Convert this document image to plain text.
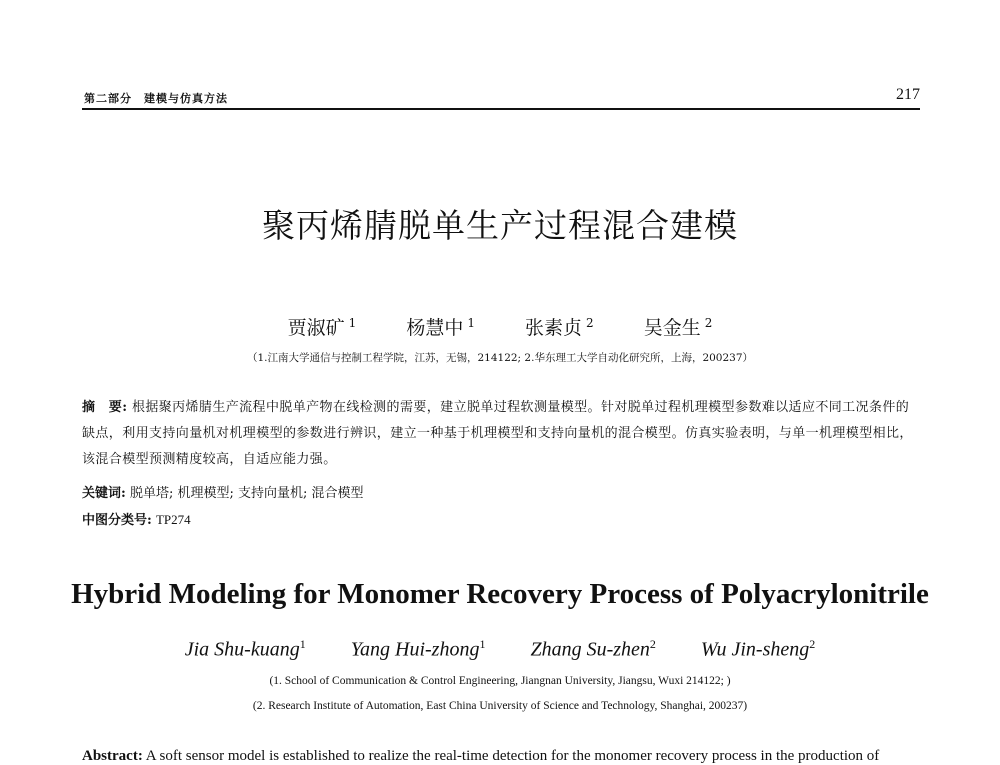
第二部分　建模与仿真方法	217
聚丙烯腈脱单生产过程混合建模
贾淑矿 $^1$	杨慧中 $^1$	张素贞 $^2$	吴金生 $^2$
（1.江南大学通信与控制工程学院，江苏，无锡，214122; 2.华东理工大学自动化研究所，上海，200237）
摘　要: 根据聚丙烯腈生产流程中脱单产物在线检测的需要，建立脱单过程软测量模型。针对脱单过程机理模型参数难以适应不同工况条件的缺点，利用支持向量机对机理模型的参数进行辨识，建立一种基于机理模型和支持向量机的混合模型。仿真实验表明，与单一机理模型相比，该混合模型预测精度较高，自适应能力强。
关键词: 脱单塔; 机理模型; 支持向量机; 混合模型
中图分类号: TP274
Hybrid Modeling for Monomer Recovery Process of Polyacrylonitrile
Jia Shu-kuang$^1$ Yang Hui-zhong$^1$ Zhang Su-zhen$^2$ Wu Jin-sheng$^2$
(1. School of Communication & Control Engineering, Jiangnan University, Jiangsu, Wuxi 214122; )
(2. Research Institute of Automation, East China University of Science and Technology, Shanghai, 200237)
Abstract: A soft sensor model is established to realize the real-time detection for the monomer recovery process in the production of
